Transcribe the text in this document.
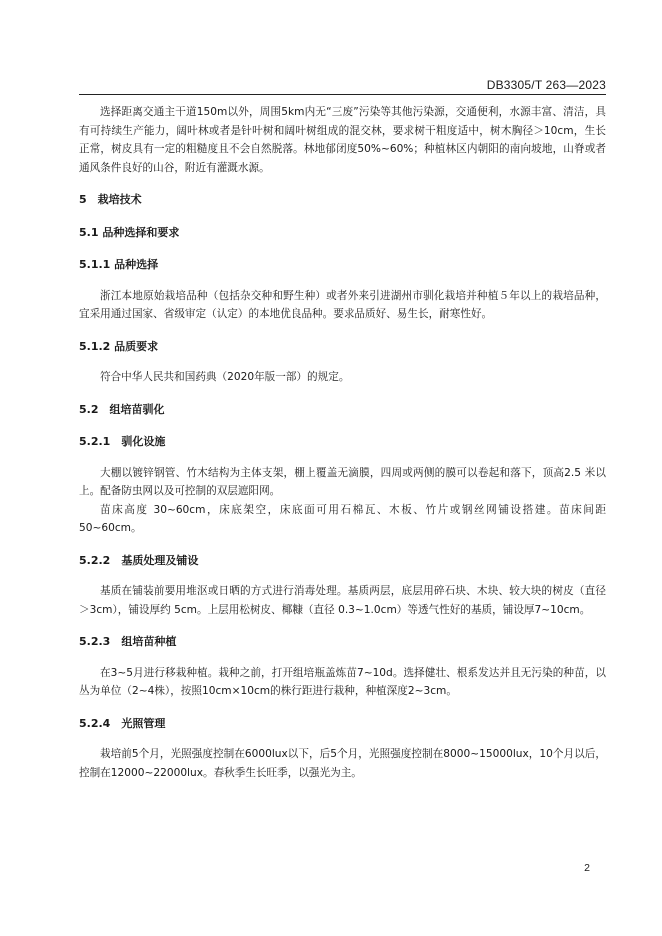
DB3305/T 263—2023

选择距离交通主干道150m以外，周围5km内无“三废”污染等其他污染源，交通便利，水源丰富、清洁，具有可持续生产能力，阔叶林或者是针叶树和阔叶树组成的混交林，要求树干粗度适中，树木胸径＞10cm，生长正常，树皮具有一定的粗糙度且不会自然脱落。林地郁闭度50%~60%；种植林区内朝阳的南向坡地，山脊或者通风条件良好的山谷，附近有灌溉水源。

5　栽培技术

5.1 品种选择和要求

5.1.1 品种选择

浙江本地原始栽培品种（包括杂交种和野生种）或者外来引进湖州市驯化栽培并种植５年以上的栽培品种，宜采用通过国家、省级审定（认定）的本地优良品种。要求品质好、易生长，耐寒性好。

5.1.2 品质要求

符合中华人民共和国药典（2020年版一部）的规定。

5.2　组培苗驯化

5.2.1　驯化设施

大棚以镀锌钢管、竹木结构为主体支架，棚上覆盖无滴膜，四周或两侧的膜可以卷起和落下，顶高2.5 米以上。配备防虫网以及可控制的双层遮阳网。

苗床高度 30~60cm，床底架空，床底面可用石棉瓦、木板、竹片或钢丝网铺设搭建。苗床间距50~60cm。

5.2.2　基质处理及铺设

基质在铺装前要用堆沤或日晒的方式进行消毒处理。基质两层，底层用碎石块、木块、较大块的树皮（直径＞3cm），铺设厚约 5cm。上层用松树皮、椰糠（直径 0.3~1.0cm）等透气性好的基质，铺设厚7~10cm。

5.2.3　组培苗种植

在3~5月进行移栽种植。栽种之前，打开组培瓶盖炼苗7~10d。选择健壮、根系发达并且无污染的种苗，以丛为单位（2~4株），按照10cm×10cm的株行距进行栽种，种植深度2~3cm。

5.2.4　光照管理

栽培前5个月，光照强度控制在6000lux以下，后5个月，光照强度控制在8000~15000lux，10个月以后，控制在12000~22000lux。春秋季生长旺季，以强光为主。

2
